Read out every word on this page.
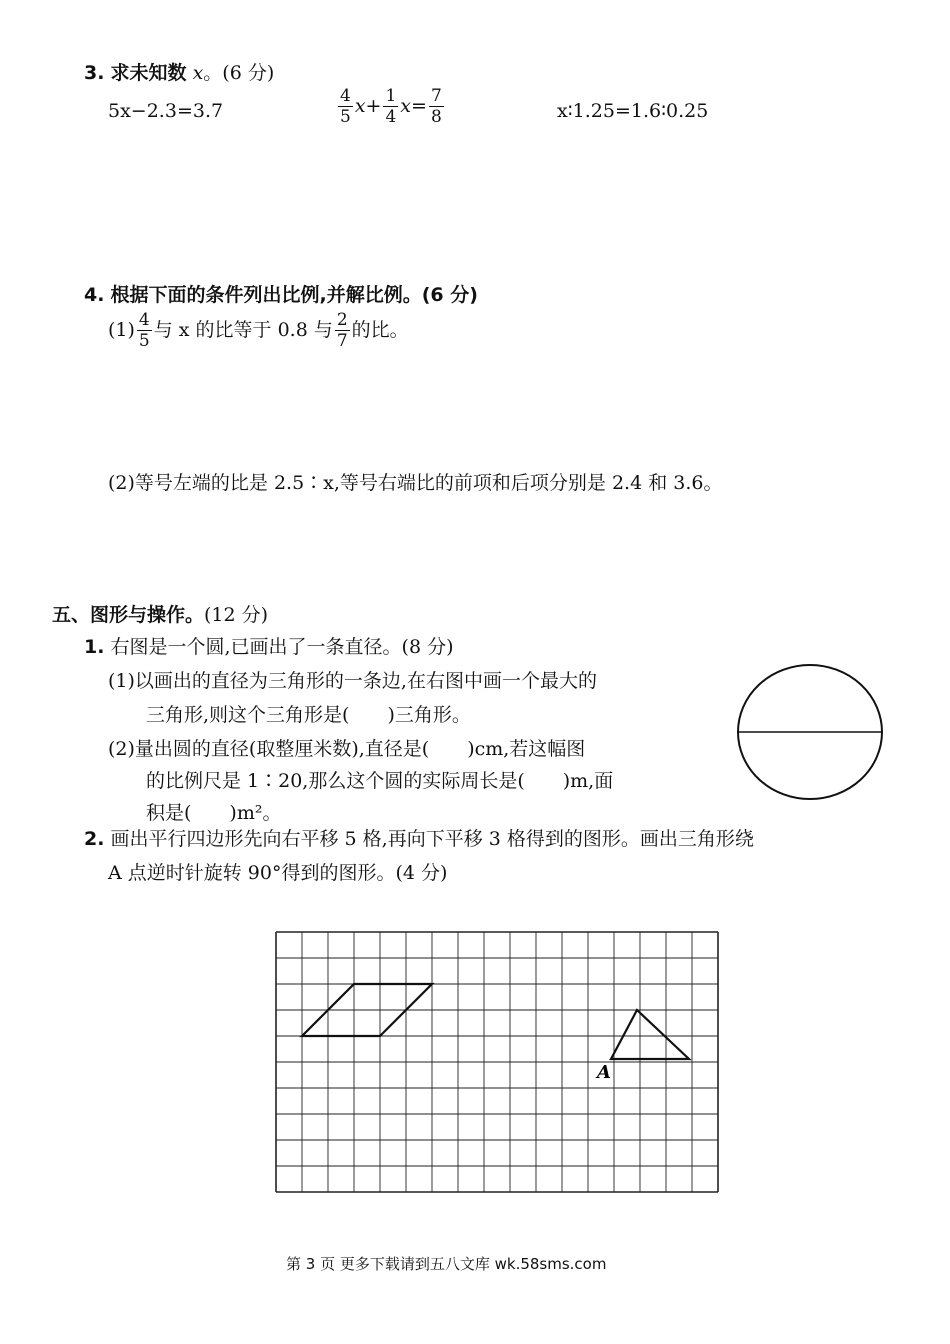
3. 求未知数 x。(6 分)
5x−2.3=3.7	$\frac{4}{5} x+ \frac{1}{4} x= \frac{7}{8}$	x∶1.25=1.6∶0.25
4. 根据下面的条件列出比例,并解比例。(6 分)
$(1) \frac{4}{5}$ 与 x 的比等于 0.8 与 $\frac{2}{7}$ 的比。
(2)等号左端的比是 2.5∶x,等号右端比的前项和后项分别是 2.4 和 3.6。
五、图形与操作。(12 分)
1. 右图是一个圆,已画出了一条直径。(8 分)
(1)以画出的直径为三角形的一条边,在右图中画一个最大的
三角形,则这个三角形是(　　)三角形。
(2)量出圆的直径(取整厘米数),直径是(　　)cm,若这幅图
的比例尺是 1∶20,那么这个圆的实际周长是(　　)m,面
积是(　　)m²。
2. 画出平行四边形先向右平移 5 格,再向下平移 3 格得到的图形。画出三角形绕
A 点逆时针旋转 90°得到的图形。(4 分)
A
第 3 页 更多下载请到五八文库 wk.58sms.com
